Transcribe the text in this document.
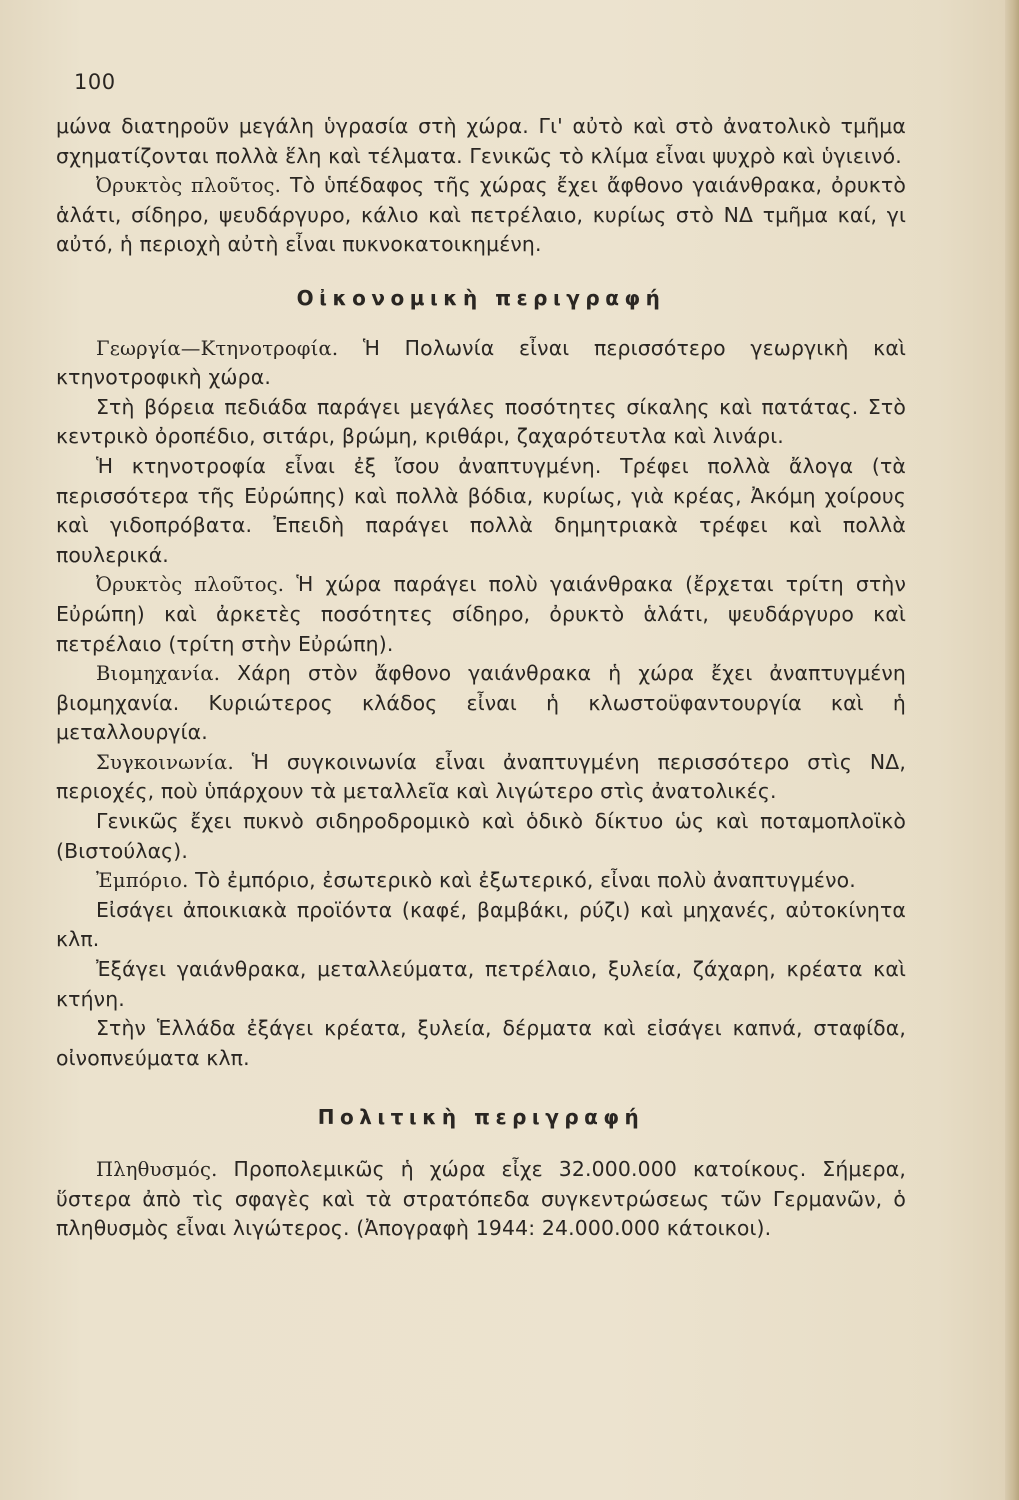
100

μώνα διατηροῦν μεγάλη ὑγρασία στὴ χώρα. Γι' αὐτὸ καὶ στὸ ἀνατολικὸ τμῆμα σχηματίζονται πολλὰ ἕλη καὶ τέλματα. Γενικῶς τὸ κλίμα εἶναι ψυχρὸ καὶ ὑγιεινό.

Ὀρυκτὸς πλοῦτος. Τὸ ὑπέδαφος τῆς χώρας ἔχει ἄφθονο γαιάνθρακα, ὀρυκτὸ ἁλάτι, σίδηρο, ψευδάργυρο, κάλιο καὶ πετρέλαιο, κυρίως στὸ ΝΔ τμῆμα καί, γι αὐτό, ἡ περιοχὴ αὐτὴ εἶναι πυκνοκατοικημένη.

Οἰκονομικὴ περιγραφή

Γεωργία—Κτηνοτροφία. Ἡ Πολωνία εἶναι περισσότερο γεωργικὴ καὶ κτηνοτροφικὴ χώρα.

Στὴ βόρεια πεδιάδα παράγει μεγάλες ποσότητες σίκαλης καὶ πατάτας. Στὸ κεντρικὸ ὀροπέδιο, σιτάρι, βρώμη, κριθάρι, ζαχαρότευτλα καὶ λινάρι.

Ἡ κτηνοτροφία εἶναι ἐξ ἴσου ἀναπτυγμένη. Τρέφει πολλὰ ἄλογα (τὰ περισσότερα τῆς Εὐρώπης) καὶ πολλὰ βόδια, κυρίως, γιὰ κρέας, Ἀκόμη χοίρους καὶ γιδοπρόβατα. Ἐπειδὴ παράγει πολλὰ δημητριακὰ τρέφει καὶ πολλὰ πουλερικά.

Ὀρυκτὸς πλοῦτος. Ἡ χώρα παράγει πολὺ γαιάνθρακα (ἔρχεται τρίτη στὴν Εὐρώπη) καὶ ἀρκετὲς ποσότητες σίδηρο, ὀρυκτὸ ἁλάτι, ψευδάργυρο καὶ πετρέλαιο (τρίτη στὴν Εὐρώπη).

Βιομηχανία. Χάρη στὸν ἄφθονο γαιάνθρακα ἡ χώρα ἔχει ἀναπτυγμένη βιομηχανία. Κυριώτερος κλάδος εἶναι ἡ κλωστοϋφαντουργία καὶ ἡ μεταλλουργία.

Συγκοινωνία. Ἡ συγκοινωνία εἶναι ἀναπτυγμένη περισσότερο στὶς ΝΔ, περιοχές, ποὺ ὑπάρχουν τὰ μεταλλεῖα καὶ λιγώτερο στὶς ἀνατολικές.

Γενικῶς ἔχει πυκνὸ σιδηροδρομικὸ καὶ ὁδικὸ δίκτυο ὡς καὶ ποταμοπλοϊκὸ (Βιστούλας).

Ἐμπόριο. Τὸ ἐμπόριο, ἐσωτερικὸ καὶ ἐξωτερικό, εἶναι πολὺ ἀναπτυγμένο.

Εἰσάγει ἀποικιακὰ προϊόντα (καφέ, βαμβάκι, ρύζι) καὶ μηχανές, αὐτοκίνητα κλπ.

Ἐξάγει γαιάνθρακα, μεταλλεύματα, πετρέλαιο, ξυλεία, ζάχαρη, κρέατα καὶ κτήνη.

Στὴν Ἑλλάδα ἐξάγει κρέατα, ξυλεία, δέρματα καὶ εἰσάγει καπνά, σταφίδα, οἰνοπνεύματα κλπ.

Πολιτικὴ περιγραφή

Πληθυσμός. Προπολεμικῶς ἡ χώρα εἶχε 32.000.000 κατοίκους. Σήμερα, ὕστερα ἀπὸ τὶς σφαγὲς καὶ τὰ στρατόπεδα συγκεντρώσεως τῶν Γερμανῶν, ὁ πληθυσμὸς εἶναι λιγώτερος. (Ἀπογραφὴ 1944: 24.000.000 κάτοικοι).
